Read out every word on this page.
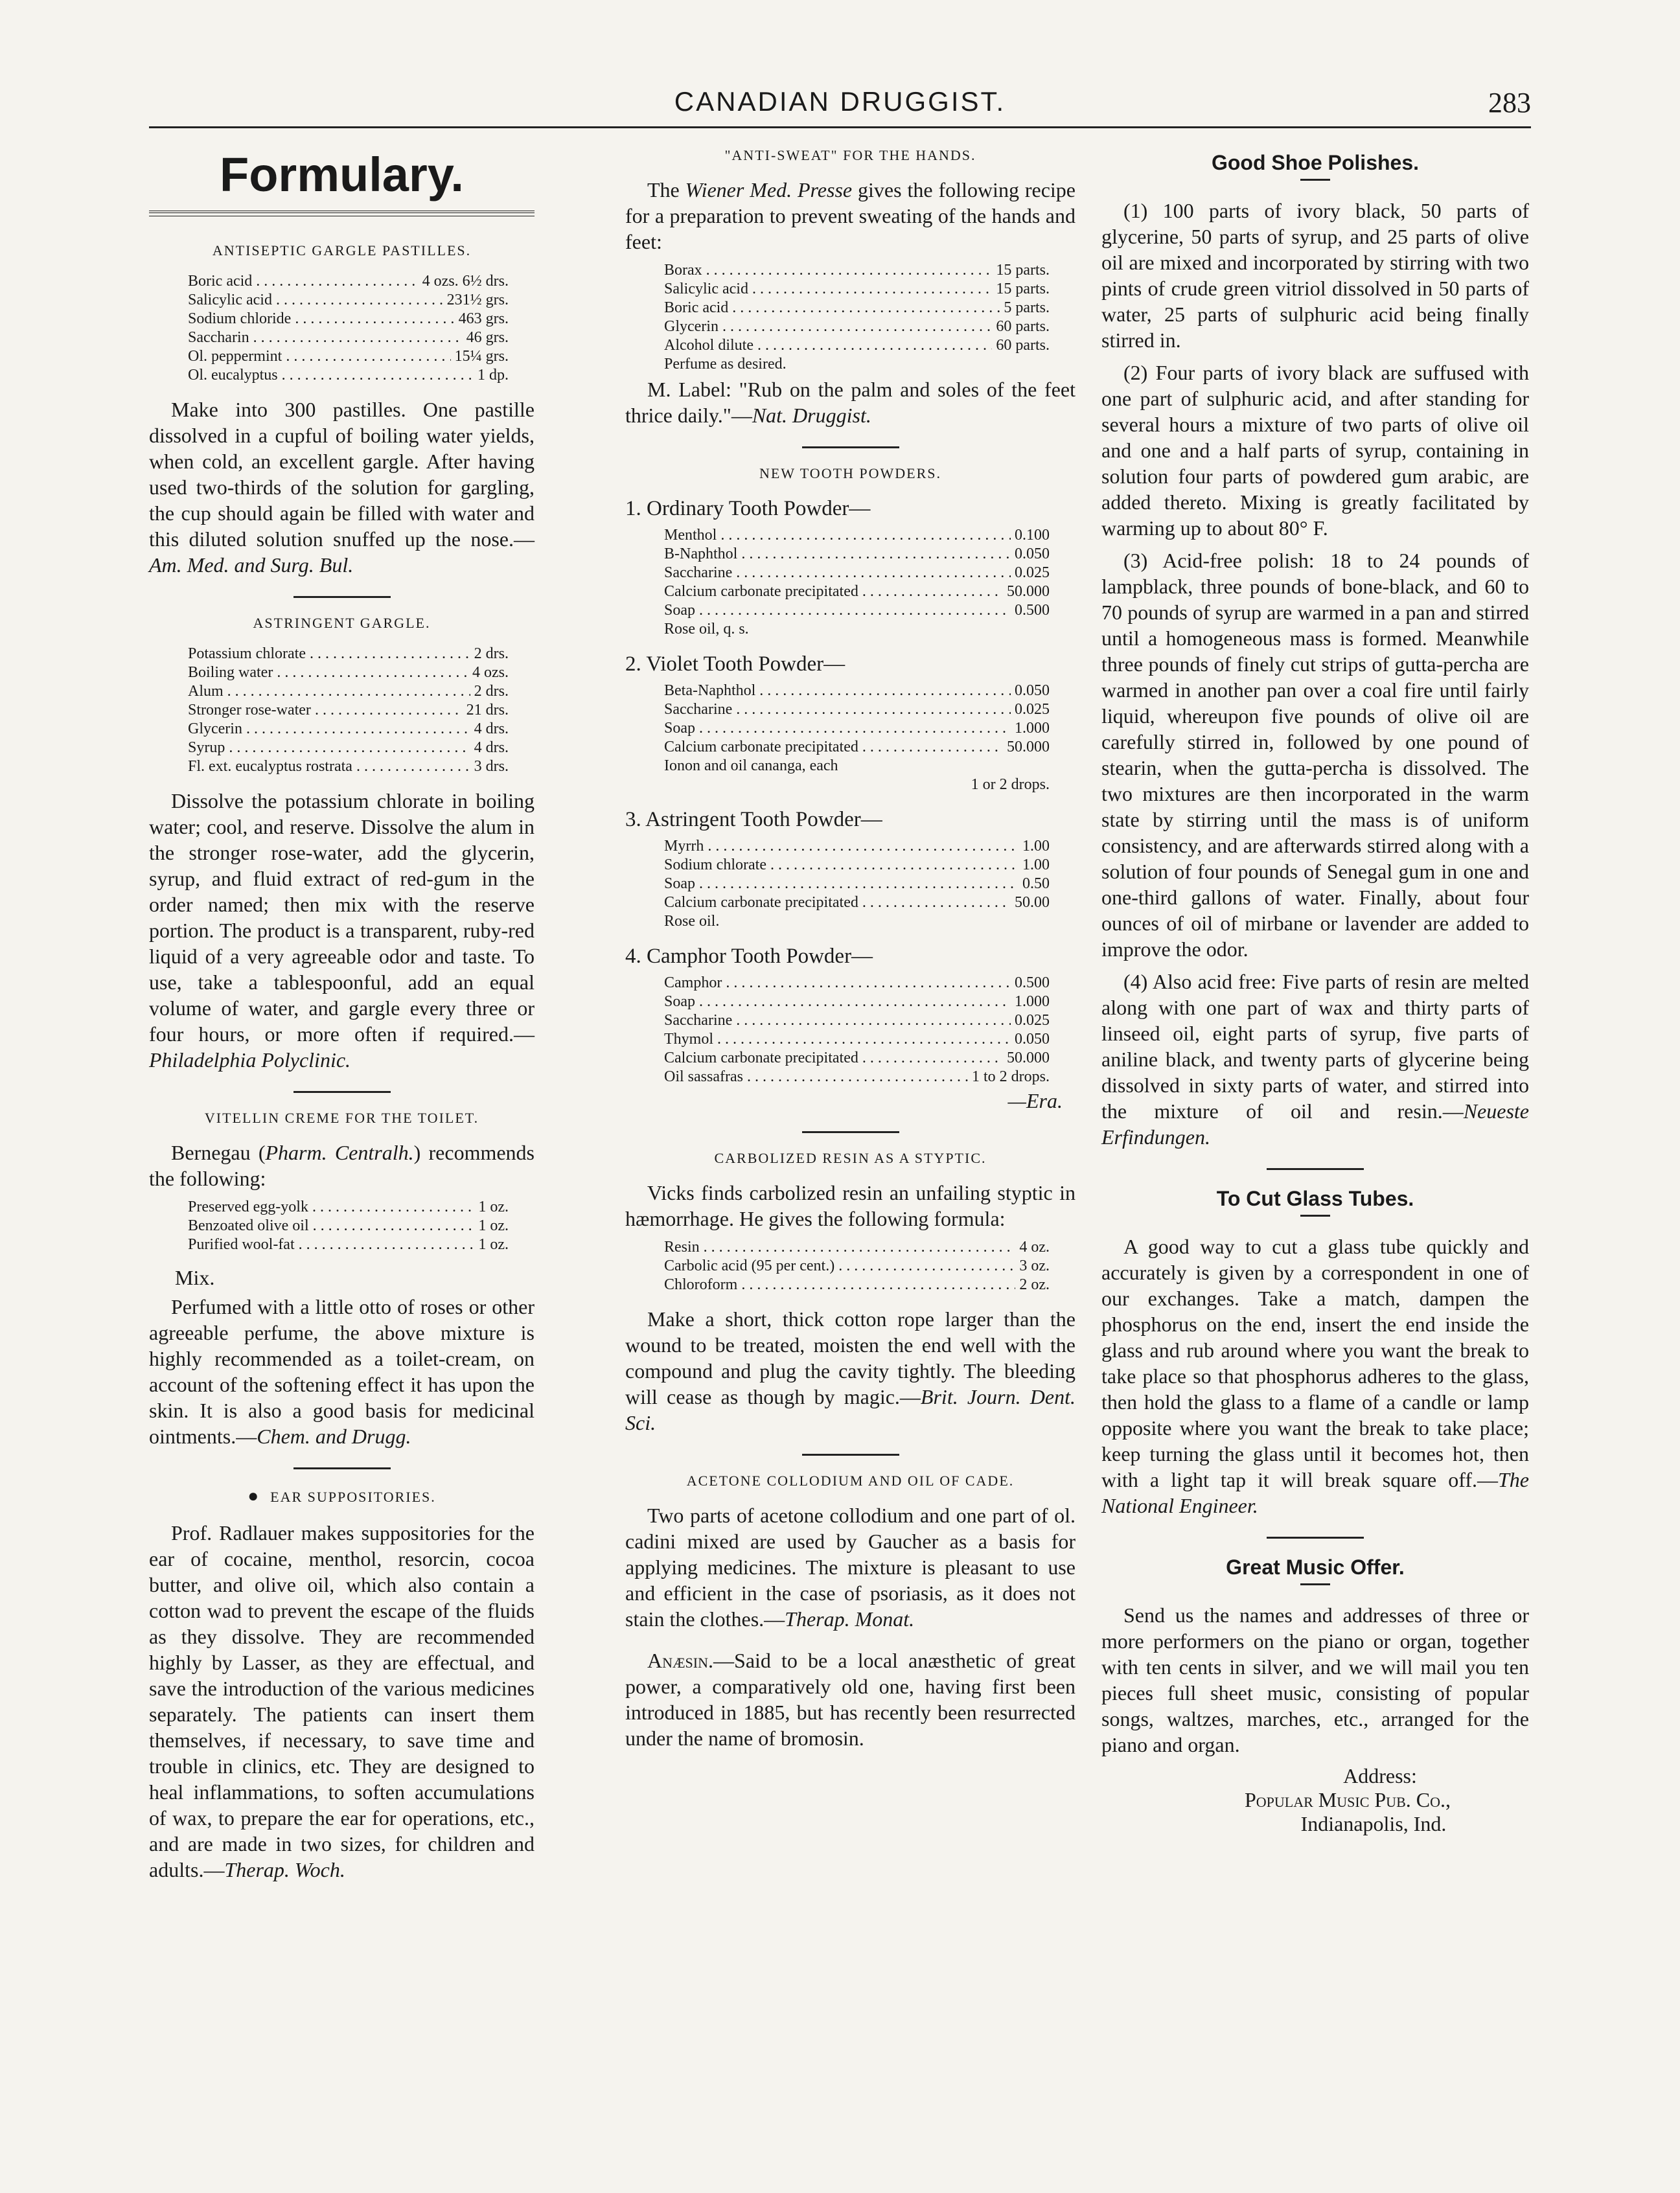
CANADIAN DRUGGIST.	283
Formulary.
ANTISEPTIC GARGLE PASTILLES.
Boric acid . . .	4 ozs. 6½ drs.
Salicylic acid . . .	231½ grs.
Sodium chloride . . .	463 grs.
Saccharin . . .	46 grs.
Ol. peppermint . . .	15¼ grs.
Ol. eucalyptus . . .	1 dp.

Make into 300 pastilles. One pastille dissolved in a cupful of boiling water yields, when cold, an excellent gargle. After having used two-thirds of the solution for gargling, the cup should again be filled with water and this diluted solution snuffed up the nose.—Am. Med. and Surg. Bul.

ASTRINGENT GARGLE.
Potassium chlorate . . .	2 drs.
Boiling water . . .	4 ozs.
Alum . . .	2 drs.
Stronger rose-water . . .	21 drs.
Glycerin . . .	4 drs.
Syrup . . .	4 drs.
Fl. ext. eucalyptus rostrata . . .	3 drs.

Dissolve the potassium chlorate in boiling water; cool, and reserve. Dissolve the alum in the stronger rose-water, add the glycerin, syrup, and fluid extract of red-gum in the order named; then mix with the reserve portion. The product is a transparent, ruby-red liquid of a very agreeable odor and taste. To use, take a tablespoonful, add an equal volume of water, and gargle every three or four hours, or more often if required.—Philadelphia Polyclinic.

VITELLIN CREME FOR THE TOILET.

Bernegau (Pharm. Centralh.) recommends the following:

Preserved egg-yolk . . .	1 oz.
Benzoated olive oil . . .	1 oz.
Purified wool-fat . . .	1 oz.
Mix.

Perfumed with a little otto of roses or other agreeable perfume, the above mixture is highly recommended as a toilet-cream, on account of the softening effect it has upon the skin. It is also a good basis for medicinal ointments.—Chem. and Drugg.

● EAR SUPPOSITORIES.

Prof. Radlauer makes suppositories for the ear of cocaine, menthol, resorcin, cocoa butter, and olive oil, which also contain a cotton wad to prevent the escape of the fluids as they dissolve. They are recommended highly by Lasser, as they are effectual, and save the introduction of the various medicines separately. The patients can insert them themselves, if necessary, to save time and trouble in clinics, etc. They are designed to heal inflammations, to soften accumulations of wax, to prepare the ear for operations, etc., and are made in two sizes, for children and adults.—Therap. Woch.

"ANTI-SWEAT" FOR THE HANDS.

The Wiener Med. Presse gives the following recipe for a preparation to prevent sweating of the hands and feet:

Borax . . .	15 parts.
Salicylic acid . . .	15 parts.
Boric acid . . .	5 parts.
Glycerin . . .	60 parts.
Alcohol dilute . . .	60 parts.
Perfume as desired.

M. Label: "Rub on the palm and soles of the feet thrice daily."—Nat. Druggist.

NEW TOOTH POWDERS.
1. Ordinary Tooth Powder—
Menthol . . .	0.100
B-Naphthol . . .	0.050
Saccharine . . .	0.025
Calcium carbonate precipitated . . .	50.000
Soap . . .	0.500
Rose oil, q. s.
2. Violet Tooth Powder—
Beta-Naphthol . . .	0.050
Saccharine . . .	0.025
Soap . . .	1.000
Calcium carbonate precipitated . . .	50.000
Ionon and oil cananga, each
1 or 2 drops.
3. Astringent Tooth Powder—
Myrrh . . .	1.00
Sodium chlorate . . .	1.00
Soap . . .	0.50
Calcium carbonate precipitated . . .	50.00
Rose oil.
4. Camphor Tooth Powder—
Camphor . . .	0.500
Soap . . .	1.000
Saccharine . . .	0.025
Thymol . . .	0.050
Calcium carbonate precipitated . . .	50.000
Oil sassafras . . .	1 to 2 drops.
—Era.
CARBOLIZED RESIN AS A STYPTIC.

Vicks finds carbolized resin an unfailing styptic in hæmorrhage. He gives the following formula:

Resin . . .	4 oz.
Carbolic acid (95 per cent.) . . .	3 oz.
Chloroform . . .	2 oz.

Make a short, thick cotton rope larger than the wound to be treated, moisten the end well with the compound and plug the cavity tightly. The bleeding will cease as though by magic.—Brit. Journ. Dent. Sci.

ACETONE COLLODIUM AND OIL OF CADE.

Two parts of acetone collodium and one part of ol. cadini mixed are used by Gaucher as a basis for applying medicines. The mixture is pleasant to use and efficient in the case of psoriasis, as it does not stain the clothes.—Therap. Monat.

Anæsin.—Said to be a local anæsthetic of great power, a comparatively old one, having first been introduced in 1885, but has recently been resurrected under the name of bromosin.

Good Shoe Polishes.

(1) 100 parts of ivory black, 50 parts of glycerine, 50 parts of syrup, and 25 parts of olive oil are mixed and incorporated by stirring with two pints of crude green vitriol dissolved in 50 parts of water, 25 parts of sulphuric acid being finally stirred in.

(2) Four parts of ivory black are suffused with one part of sulphuric acid, and after standing for several hours a mixture of two parts of olive oil and one and a half parts of syrup, containing in solution four parts of powdered gum arabic, are added thereto. Mixing is greatly facilitated by warming up to about 80° F.

(3) Acid-free polish: 18 to 24 pounds of lampblack, three pounds of bone-black, and 60 to 70 pounds of syrup are warmed in a pan and stirred until a homogeneous mass is formed. Meanwhile three pounds of finely cut strips of gutta-percha are warmed in another pan over a coal fire until fairly liquid, whereupon five pounds of olive oil are carefully stirred in, followed by one pound of stearin, when the gutta-percha is dissolved. The two mixtures are then incorporated in the warm state by stirring until the mass is of uniform consistency, and are afterwards stirred along with a solution of four pounds of Senegal gum in one and one-third gallons of water. Finally, about four ounces of oil of mirbane or lavender are added to improve the odor.

(4) Also acid free: Five parts of resin are melted along with one part of wax and thirty parts of linseed oil, eight parts of syrup, five parts of aniline black, and twenty parts of glycerine being dissolved in sixty parts of water, and stirred into the mixture of oil and resin.—Neueste Erfindungen.

To Cut Glass Tubes.

A good way to cut a glass tube quickly and accurately is given by a correspondent in one of our exchanges. Take a match, dampen the phosphorus on the end, insert the end inside the glass and rub around where you want the break to take place so that phosphorus adheres to the glass, then hold the glass to a flame of a candle or lamp opposite where you want the break to take place; keep turning the glass until it becomes hot, then with a light tap it will break square off.—The National Engineer.

Great Music Offer.

Send us the names and addresses of three or more performers on the piano or organ, together with ten cents in silver, and we will mail you ten pieces full sheet music, consisting of popular songs, waltzes, marches, etc., arranged for the piano and organ.

Address:
Popular Music Pub. Co.,
Indianapolis, Ind.
